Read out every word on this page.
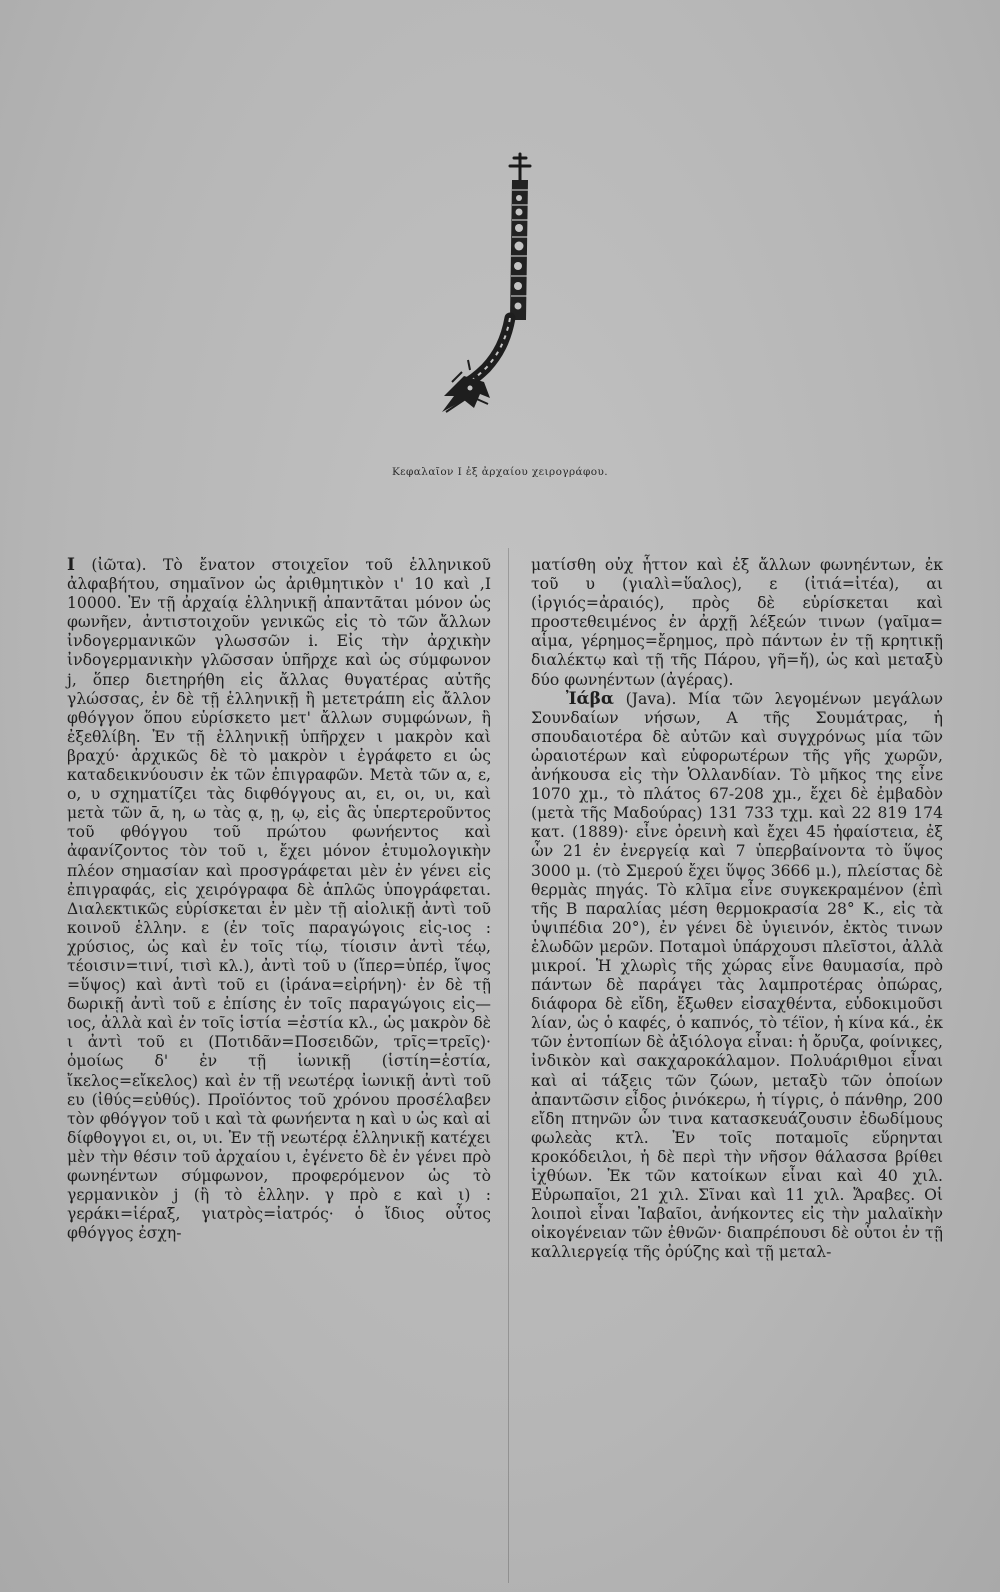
Κεφαλαῖον Ι ἐξ ἀρχαίου χειρογράφου.

Ι (ἰῶτα). Τὸ ἔνατον στοιχεῖον τοῦ ἑλληνικοῦ ἀλφαβήτου, σημαῖνον ὡς ἀριθμητικὸν ι' 10 καὶ ,Ι 10000. Ἐν τῇ ἀρχαίᾳ ἑλληνικῇ ἀπαντᾶται μόνον ὡς φωνῆεν, ἀντιστοιχοῦν γενικῶς εἰς τὸ τῶν ἄλλων ἰνδογερμανικῶν γλωσσῶν i. Εἰς τὴν ἀρχικὴν ἰνδογερμανικὴν γλῶσσαν ὑπῆρχε καὶ ὡς σύμφωνον j, ὅπερ διετηρήθη εἰς ἄλλας θυγατέρας αὐτῆς γλώσσας, ἐν δὲ τῇ ἑλληνικῇ ἢ μετετράπη εἰς ἄλλον φθόγγον ὅπου εὑρίσκετο μετ' ἄλλων συμφώνων, ἢ ἐξεθλίβη. Ἐν τῇ ἑλληνικῇ ὑπῆρχεν ι μακρὸν καὶ βραχύ· ἀρχικῶς δὲ τὸ μακρὸν ι ἐγράφετο ει ὡς καταδεικνύουσιν ἐκ τῶν ἐπιγραφῶν. Μετὰ τῶν α, ε, ο, υ σχηματίζει τὰς διφθόγγους αι, ει, οι, υι, καὶ μετὰ τῶν ᾱ, η, ω τὰς ᾳ, ῃ, ῳ, εἰς ἃς ὑπερτεροῦντος τοῦ φθόγγου τοῦ πρώτου φωνήεντος καὶ ἀφανίζοντος τὸν τοῦ ι, ἔχει μόνον ἐτυμολογικὴν πλέον σημασίαν καὶ προσγράφεται μὲν ἐν γένει εἰς ἐπιγραφάς, εἰς χειρόγραφα δὲ ἁπλῶς ὑπογράφεται. Διαλεκτικῶς εὑρίσκεται ἐν μὲν τῇ αἰολικῇ ἀντὶ τοῦ κοινοῦ ἑλλην. ε (ἐν τοῖς παραγώγοις εἰς-ιος : χρύσιος, ὡς καὶ ἐν τοῖς τίῳ, τίοισιν ἀντὶ τέῳ, τέοισιν=τινί, τισὶ κλ.), ἀντὶ τοῦ υ (ἴπερ=ὑπέρ, ἴψος =ὕψος) καὶ ἀντὶ τοῦ ει (ἰράνα=εἰρήνη)· ἐν δὲ τῇ δωρικῇ ἀντὶ τοῦ ε ἐπίσης ἐν τοῖς παραγώγοις εἰς—ιος, ἀλλὰ καὶ ἐν τοῖς ἱστία =ἑστία κλ., ὡς μακρὸν δὲ ι ἀντὶ τοῦ ει (Ποτιδᾶν=Ποσειδῶν, τρῖς=τρεῖς)· ὁμοίως δ' ἐν τῇ ἰωνικῇ (ἱστίη=ἑστία, ἴκελος=εἴκελος) καὶ ἐν τῇ νεωτέρᾳ ἰωνικῇ ἀντὶ τοῦ ευ (ἰθύς=εὐθύς). Προϊόντος τοῦ χρόνου προσέλαβεν τὸν φθόγγον τοῦ ι καὶ τὰ φωνήεντα η καὶ υ ὡς καὶ αἱ δίφθογγοι ει, οι, υι. Ἐν τῇ νεωτέρᾳ ἑλληνικῇ κατέχει μὲν τὴν θέσιν τοῦ ἀρχαίου ι, ἐγένετο δὲ ἐν γένει πρὸ φωνηέντων σύμφωνον, προφερόμενον ὡς τὸ γερμανικὸν j (ἢ τὸ ἑλλην. γ πρὸ ε καὶ ι) : γεράκι=ἱέραξ, γιατρὸς=ἰατρός· ὁ ἴδιος οὗτος φθόγγος ἐσχη-

ματίσθη οὐχ ἧττον καὶ ἐξ ἄλλων φωνηέντων, ἐκ τοῦ υ (γιαλὶ=ὕαλος), ε (ἰτιά=ἰτέα), αι (ἰργιός=ἀραιός), πρὸς δὲ εὑρίσκεται καὶ προστεθειμένος ἐν ἀρχῇ λέξεών τινων (γαῖμα= αἷμα, γέρημος=ἔρημος, πρὸ πάντων ἐν τῇ κρητικῇ διαλέκτῳ καὶ τῇ τῆς Πάρου, γῆ=ἤ), ὡς καὶ μεταξὺ δύο φωνηέντων (ἀγέρας).

Ἰάβα (Java). Μία τῶν λεγομένων μεγάλων Σουνδαίων νήσων, Α τῆς Σουμάτρας, ἡ σπουδαιοτέρα δὲ αὐτῶν καὶ συγχρόνως μία τῶν ὡραιοτέρων καὶ εὐφορωτέρων τῆς γῆς χωρῶν, ἀνήκουσα εἰς τὴν Ὁλλανδίαν. Τὸ μῆκος της εἶνε 1070 χμ., τὸ πλάτος 67-208 χμ., ἔχει δὲ ἐμβαδὸν (μετὰ τῆς Μαδούρας) 131 733 τχμ. καὶ 22 819 174 κατ. (1889)· εἶνε ὀρεινὴ καὶ ἔχει 45 ἡφαίστεια, ἐξ ὧν 21 ἐν ἐνεργείᾳ καὶ 7 ὑπερβαίνοντα τὸ ὕψος 3000 μ. (τὸ Σμερού ἔχει ὕψος 3666 μ.), πλείστας δὲ θερμὰς πηγάς. Τὸ κλῖμα εἶνε συγκεκραμένον (ἐπὶ τῆς Β παραλίας μέση θερμοκρασία 28° Κ., εἰς τὰ ὑψιπέδια 20°), ἐν γένει δὲ ὑγιεινόν, ἐκτὸς τινων ἑλωδῶν μερῶν. Ποταμοὶ ὑπάρχουσι πλεῖστοι, ἀλλὰ μικροί. Ἡ χλωρὶς τῆς χώρας εἶνε θαυμασία, πρὸ πάντων δὲ παράγει τὰς λαμπροτέρας ὀπώρας, διάφορα δὲ εἴδη, ἔξωθεν εἰσαχθέντα, εὐδοκιμοῦσι λίαν, ὡς ὁ καφές, ὁ καπνός, τὸ τέϊον, ἡ κίνα κά., ἐκ τῶν ἐντοπίων δὲ ἀξιόλογα εἶναι: ἡ ὄρυζα, φοίνικες, ἰνδικὸν καὶ σακχαροκάλαμον. Πολυάριθμοι εἶναι καὶ αἱ τάξεις τῶν ζώων, μεταξὺ τῶν ὁποίων ἀπαντῶσιν εἶδος ῥινόκερω, ἡ τίγρις, ὁ πάνθηρ, 200 εἴδη πτηνῶν ὧν τινα κατασκευάζουσιν ἐδωδίμους φωλεὰς κτλ. Ἐν τοῖς ποταμοῖς εὕρηνται κροκόδειλοι, ἡ δὲ περὶ τὴν νῆσον θάλασσα βρίθει ἰχθύων. Ἐκ τῶν κατοίκων εἶναι καὶ 40 χιλ. Εὐρωπαῖοι, 21 χιλ. Σῖναι καὶ 11 χιλ. Ἄραβες. Οἱ λοιποὶ εἶναι Ἰαβαῖοι, ἀνήκοντες εἰς τὴν μαλαϊκὴν οἰκογένειαν τῶν ἐθνῶν· διαπρέπουσι δὲ οὗτοι ἐν τῇ καλλιεργείᾳ τῆς ὀρύζης καὶ τῇ μεταλ-
